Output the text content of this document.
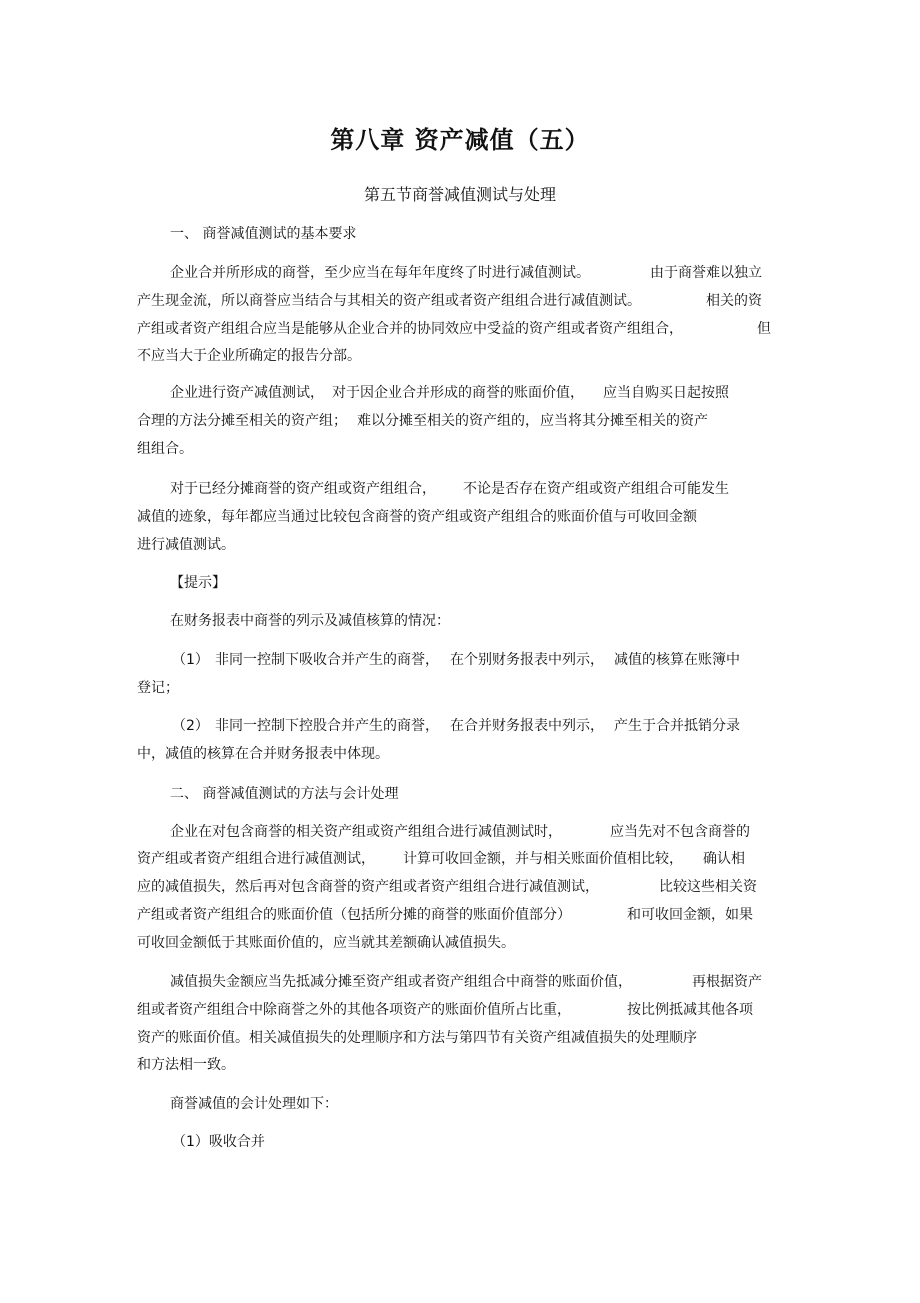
第八章 资产减值（五）
第五节商誉减值测试与处理
一、 商誉减值测试的基本要求
企业合并所形成的商誉，至少应当在每年年度终了时进行减值测试。	由于商誉难以独立
产生现金流，所以商誉应当结合与其相关的资产组或者资产组组合进行减值测试。	相关的资
产组或者资产组组合应当是能够从企业合并的协同效应中受益的资产组或者资产组组合，	但
不应当大于企业所确定的报告分部。
企业进行资产减值测试， 对于因企业合并形成的商誉的账面价值， 应当自购买日起按照
合理的方法分摊至相关的资产组； 难以分摊至相关的资产组的， 应当将其分摊至相关的资产
组组合。
对于已经分摊商誉的资产组或资产组组合， 不论是否存在资产组或资产组组合可能发生
减值的迹象，每年都应当通过比较包含商誉的资产组或资产组组合的账面价值与可收回金额
进行减值测试。
【提示】
在财务报表中商誉的列示及减值核算的情况：
（1） 非同一控制下吸收合并产生的商誉， 在个别财务报表中列示， 减值的核算在账簿中
登记；
（2） 非同一控制下控股合并产生的商誉， 在合并财务报表中列示， 产生于合并抵销分录
中，减值的核算在合并财务报表中体现。
二、 商誉减值测试的方法与会计处理
企业在对包含商誉的相关资产组或资产组组合进行减值测试时，	应当先对不包含商誉的
资产组或者资产组组合进行减值测试， 计算可收回金额，并与相关账面价值相比较， 确认相
应的减值损失，然后再对包含商誉的资产组或者资产组组合进行减值测试，	比较这些相关资
产组或者资产组组合的账面价值（包括所分摊的商誉的账面价值部分）	和可收回金额，如果
可收回金额低于其账面价值的，应当就其差额确认减值损失。
减值损失金额应当先抵减分摊至资产组或者资产组组合中商誉的账面价值，	再根据资产
组或者资产组组合中除商誉之外的其他各项资产的账面价值所占比重，	按比例抵减其他各项
资产的账面价值。相关减值损失的处理顺序和方法与第四节有关资产组减值损失的处理顺序
和方法相一致。
商誉减值的会计处理如下：
（1）吸收合并
